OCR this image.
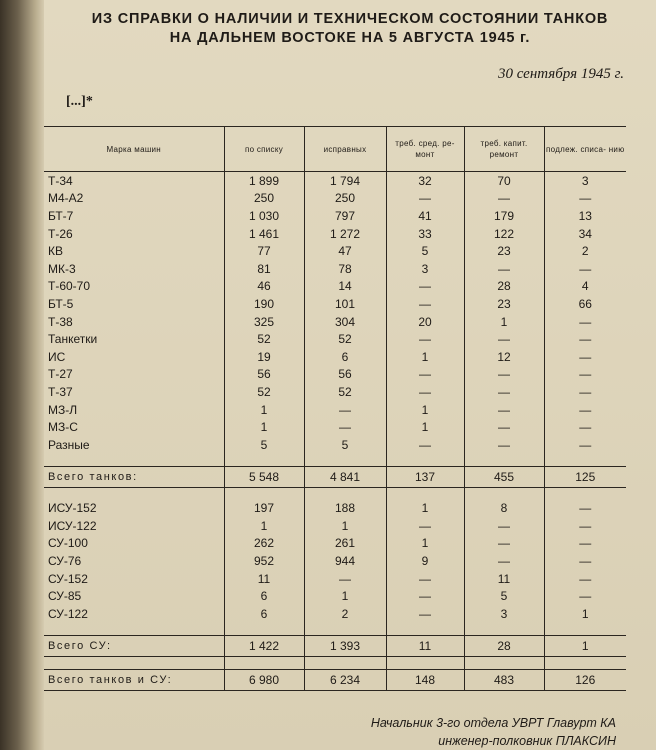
ИЗ СПРАВКИ О НАЛИЧИИ И ТЕХНИЧЕСКОМ СОСТОЯНИИ ТАНКОВ
НА ДАЛЬНЕМ ВОСТОКЕ НА 5 АВГУСТА 1945 г.
30 сентября 1945 г.
[...]*
Марка машин	по списку	исправных	треб. сред. ре- монт	треб. капит. ремонт	подлеж. списа- нию
Т-34	1 899	1 794	32	70	3
М4-А2	250	250	—	—	—
БТ-7	1 030	797	41	179	13
Т-26	1 461	1 272	33	122	34
КВ	77	47	5	23	2
МК-3	81	78	3	—	—
Т-60-70	46	14	—	28	4
БТ-5	190	101	—	23	66
Т-38	325	304	20	1	—
Танкетки	52	52	—	—	—
ИС	19	6	1	12	—
Т-27	56	56	—	—	—
Т-37	52	52	—	—	—
МЗ-Л	1	—	1	—	—
МЗ-С	1	—	1	—	—
Разные	5	5	—	—	—

Всего танков:	5 548	4 841	137	455	125

ИСУ-152	197	188	1	8	—
ИСУ-122	1	1	—	—	—
СУ-100	262	261	1	—	—
СУ-76	952	944	9	—	—
СУ-152	11	—	—	11	—
СУ-85	6	1	—	5	—
СУ-122	6	2	—	3	1

Всего СУ:	1 422	1 393	11	28	1

Всего танков и СУ:	6 980	6 234	148	483	126
Начальник 3-го отдела УВРТ Главурт КА
инженер-полковник ПЛАКСИН
